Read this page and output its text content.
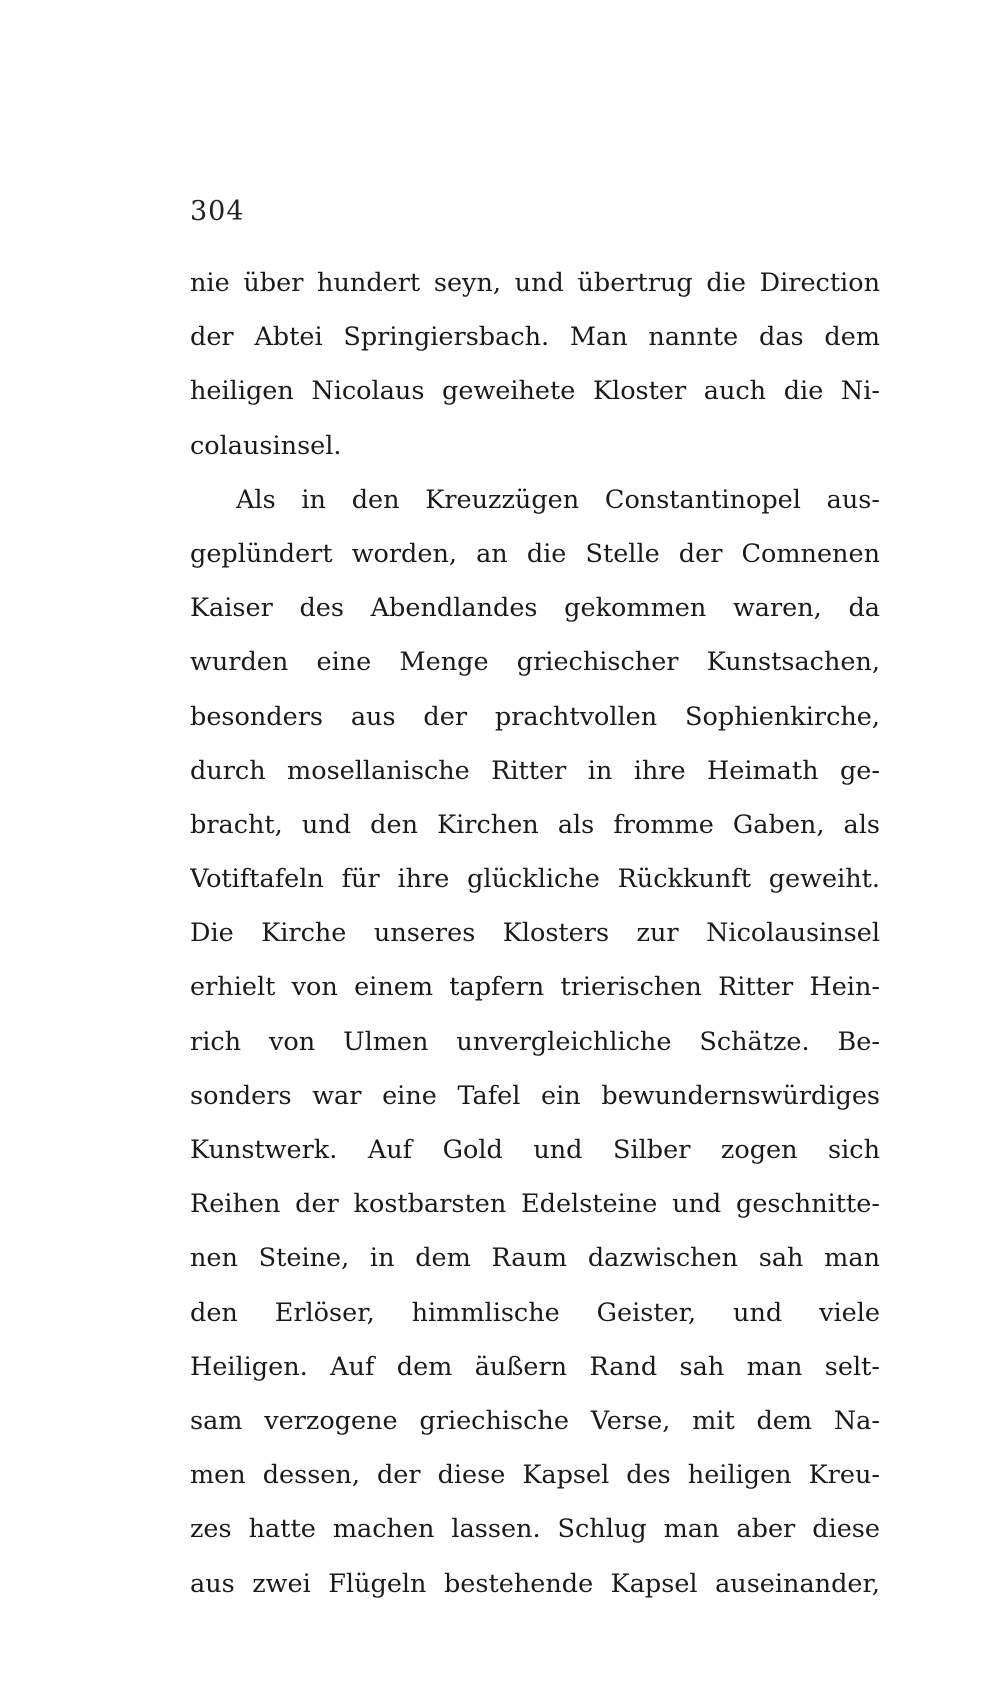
304
nie über hundert seyn, und übertrug die Direction
der Abtei Springiersbach. Man nannte das dem
heiligen Nicolaus geweihete Kloster auch die Ni-
colausinsel.
Als in den Kreuzzügen Constantinopel aus-
geplündert worden, an die Stelle der Comnenen
Kaiser des Abendlandes gekommen waren, da
wurden eine Menge griechischer Kunstsachen,
besonders aus der prachtvollen Sophienkirche,
durch mosellanische Ritter in ihre Heimath ge-
bracht, und den Kirchen als fromme Gaben, als
Votiftafeln für ihre glückliche Rückkunft geweiht.
Die Kirche unseres Klosters zur Nicolausinsel
erhielt von einem tapfern trierischen Ritter Hein-
rich von Ulmen unvergleichliche Schätze. Be-
sonders war eine Tafel ein bewundernswürdiges
Kunstwerk. Auf Gold und Silber zogen sich
Reihen der kostbarsten Edelsteine und geschnitte-
nen Steine, in dem Raum dazwischen sah man
den Erlöser, himmlische Geister, und viele
Heiligen. Auf dem äußern Rand sah man selt-
sam verzogene griechische Verse, mit dem Na-
men dessen, der diese Kapsel des heiligen Kreu-
zes hatte machen lassen. Schlug man aber diese
aus zwei Flügeln bestehende Kapsel auseinander,
